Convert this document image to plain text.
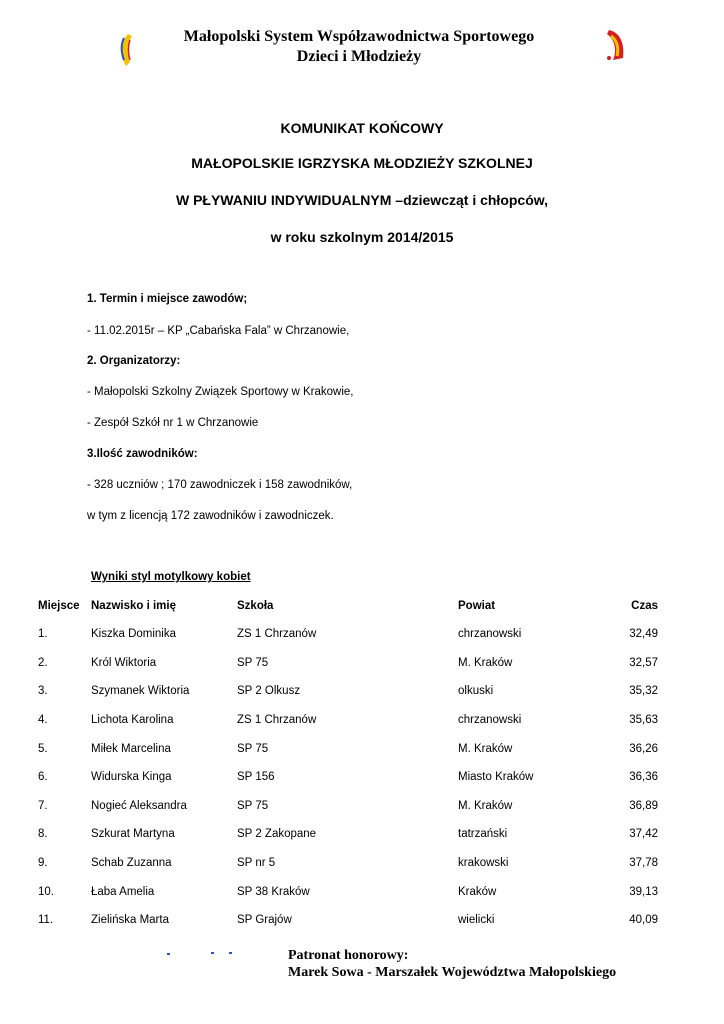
Małopolski System Współzawodnictwa Sportowego
Dzieci i Młodzieży
KOMUNIKAT KOŃCOWY
MAŁOPOLSKIE IGRZYSKA MŁODZIEŻY SZKOLNEJ
W PŁYWANIU INDYWIDUALNYM –dziewcząt i chłopców,
w roku szkolnym 2014/2015
1. Termin i miejsce zawodów;
- 11.02.2015r – KP „Cabańska Fala” w Chrzanowie,
2. Organizatorzy:
- Małopolski Szkolny Związek Sportowy w Krakowie,
- Zespół Szkół nr 1 w Chrzanowie
3.Ilość zawodników:
- 328 uczniów ; 170 zawodniczek i 158 zawodników,
w tym z licencją 172 zawodników i zawodniczek.
Wyniki styl motylkowy kobiet
Miejsce	Nazwisko i imię	Szkoła	Powiat	Czas
1.	Kiszka Dominika	ZS 1 Chrzanów	chrzanowski	32,49
2.	Król Wiktoria	SP 75	M. Kraków	32,57
3.	Szymanek Wiktoria	SP 2 Olkusz	olkuski	35,32
4.	Lichota Karolina	ZS 1 Chrzanów	chrzanowski	35,63
5.	Miłek Marcelina	SP 75	M. Kraków	36,26
6.	Widurska Kinga	SP 156	Miasto Kraków	36,36
7.	Nogieć Aleksandra	SP 75	M. Kraków	36,89
8.	Szkurat Martyna	SP 2 Zakopane	tatrzański	37,42
9.	Schab Zuzanna	SP nr 5	krakowski	37,78
10.	Łaba Amelia	SP 38 Kraków	Kraków	39,13
11.	Zielińska Marta	SP Grajów	wielicki	40,09
Patronat honorowy:
Marek Sowa - Marszałek Województwa Małopolskiego
